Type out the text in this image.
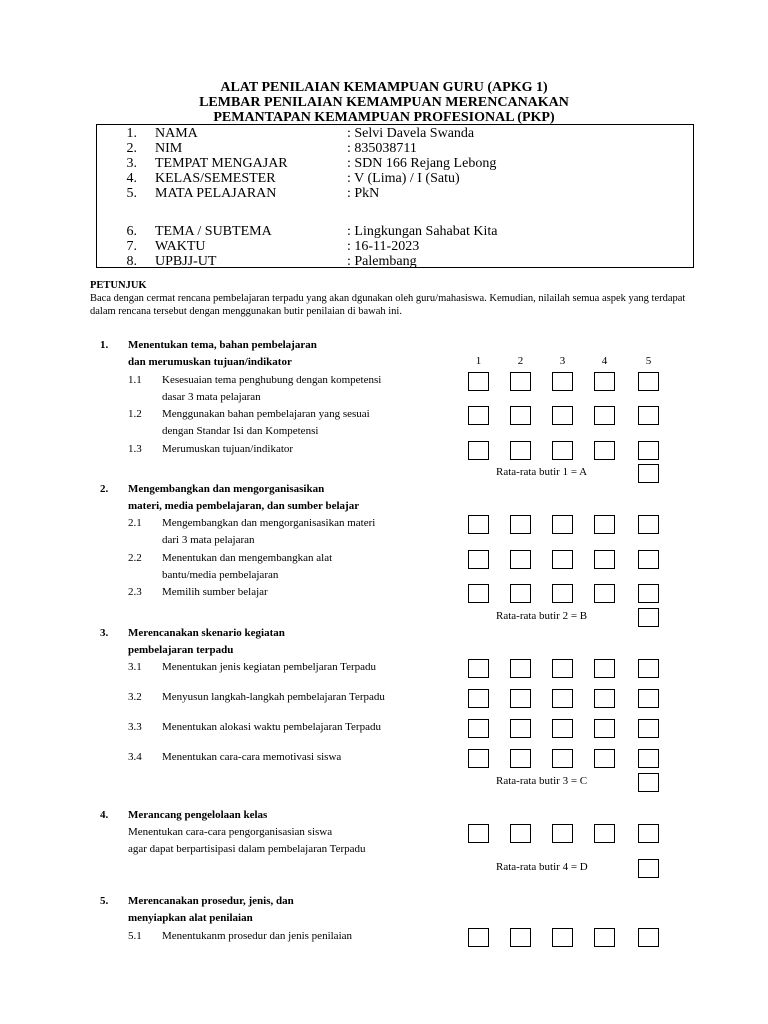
ALAT PENILAIAN KEMAMPUAN GURU (APKG 1)
LEMBAR PENILAIAN KEMAMPUAN MERENCANAKAN
PEMANTAPAN KEMAMPUAN PROFESIONAL (PKP)
1. NAMA	: Selvi Davela Swanda
2. NIM	: 835038711
3. TEMPAT MENGAJAR	: SDN 166 Rejang Lebong
4. KELAS/SEMESTER	: V (Lima) / I (Satu)
5. MATA PELAJARAN	: PkN
6. TEMA / SUBTEMA	: Lingkungan Sahabat Kita
7. WAKTU	: 16-11-2023
8. UPBJJ-UT	: Palembang
PETUNJUK
Baca dengan cermat rencana pembelajaran terpadu yang akan dgunakan oleh guru/mahasiswa. Kemudian, nilailah semua aspek yang terdapat dalam rencana tersebut dengan menggunakan butir penilaian di bawah ini.
1	2	3	4	5
1. Menentukan tema, bahan pembelajaran
dan merumuskan tujuan/indikator
1.1 Kesesuaian tema penghubung dengan kompetensi
dasar 3 mata pelajaran
1.2 Menggunakan bahan pembelajaran yang sesuai
dengan Standar Isi dan Kompetensi
1.3 Merumuskan tujuan/indikator
Rata-rata butir 1 = A
2. Mengembangkan dan mengorganisasikan
materi, media pembelajaran, dan sumber belajar
2.1 Mengembangkan dan mengorganisasikan materi
dari 3 mata pelajaran
2.2 Menentukan dan mengembangkan alat
bantu/media pembelajaran
2.3 Memilih sumber belajar
Rata-rata butir 2 = B
3. Merencanakan skenario kegiatan
pembelajaran terpadu
3.1 Menentukan jenis kegiatan pembeljaran Terpadu
3.2 Menyusun langkah-langkah pembelajaran Terpadu
3.3 Menentukan alokasi waktu pembelajaran Terpadu
3.4 Menentukan cara-cara memotivasi siswa
Rata-rata butir 3 = C
4. Merancang pengelolaan kelas
Menentukan cara-cara pengorganisasian siswa
agar dapat berpartisipasi dalam pembelajaran Terpadu
Rata-rata butir 4 = D
5. Merencanakan prosedur, jenis, dan
menyiapkan alat penilaian
5.1 Menentukanm prosedur dan jenis penilaian
